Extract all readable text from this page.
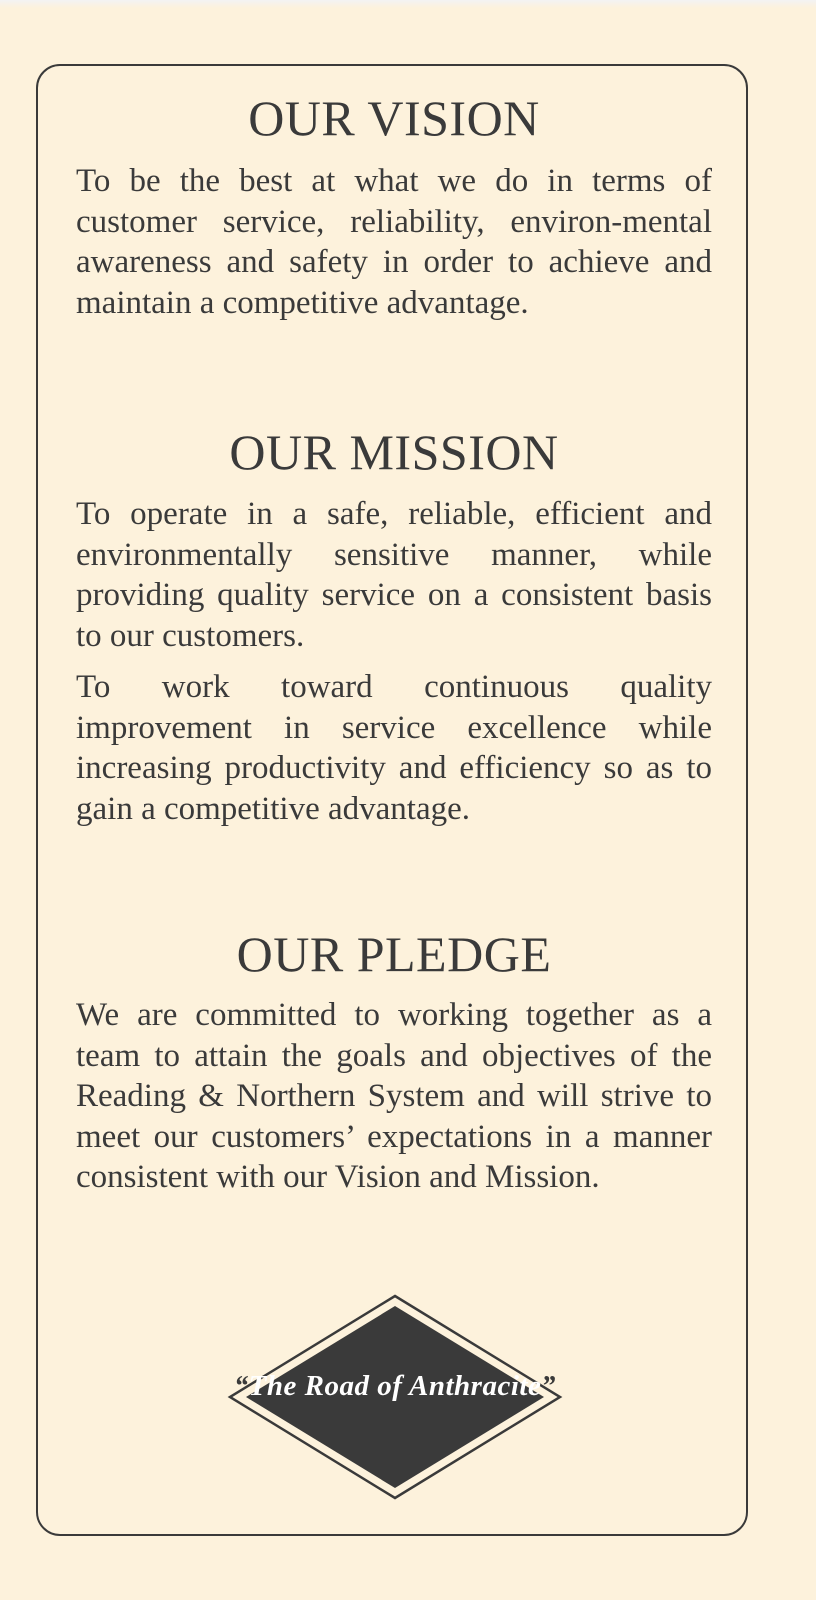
OUR VISION

To be the best at what we do in terms of customer service, reliability, environ-mental awareness and safety in order to achieve and maintain a competitive advantage.

OUR MISSION

To operate in a safe, reliable, efficient and environmentally sensitive manner, while providing quality service on a consistent basis to our customers.

To work toward continuous quality improvement in service excellence while increasing productivity and efficiency so as to gain a competitive advantage.

OUR PLEDGE

We are committed to working together as a team to attain the goals and objectives of the Reading & Northern System and will strive to meet our customers’ expectations in a manner consistent with our Vision and Mission.

“The Road of Anthracite”
